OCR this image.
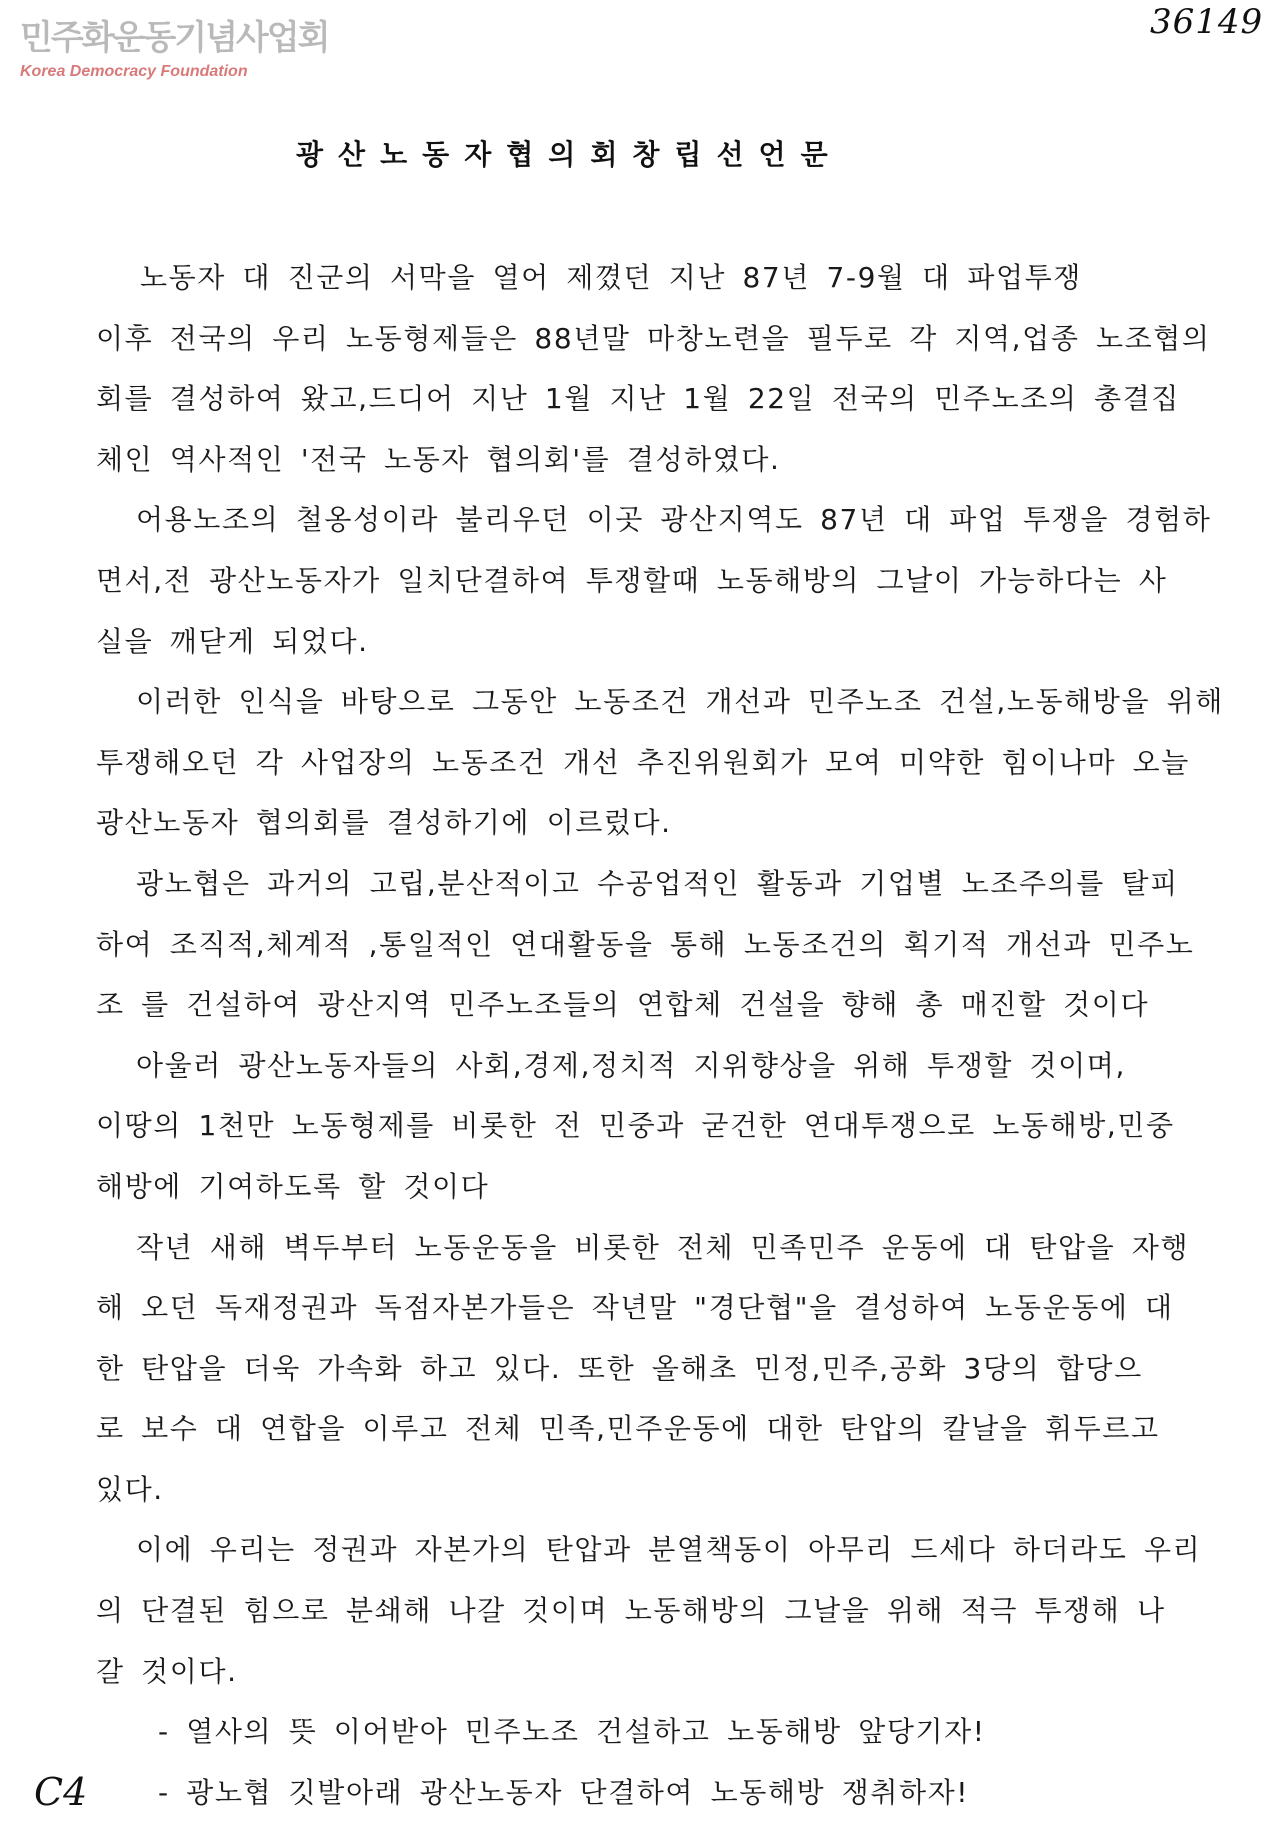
민주화운동기념사업회
Korea Democracy Foundation
36149
광산노동자협의회창립선언문
노동자 대 진군의 서막을 열어 제꼈던 지난 87년 7-9월 대 파업투쟁
이후 전국의 우리 노동형제들은 88년말 마창노련을 필두로 각 지역,업종 노조협의
회를 결성하여 왔고,드디어 지난 1월 지난 1월 22일 전국의 민주노조의 총결집
체인 역사적인 '전국 노동자 협의회'를 결성하였다.
어용노조의 철옹성이라 불리우던 이곳 광산지역도 87년 대 파업 투쟁을 경험하
면서,전 광산노동자가 일치단결하여 투쟁할때 노동해방의 그날이 가능하다는 사
실을 깨닫게 되었다.
이러한 인식을 바탕으로 그동안 노동조건 개선과 민주노조 건설,노동해방을 위해
투쟁해오던 각 사업장의 노동조건 개선 추진위원회가 모여 미약한 힘이나마 오늘
광산노동자 협의회를 결성하기에 이르렀다.
광노협은 과거의 고립,분산적이고 수공업적인 활동과 기업별 노조주의를 탈피
하여 조직적,체계적 ,통일적인 연대활동을 통해 노동조건의 획기적 개선과 민주노
조 를 건설하여 광산지역 민주노조들의 연합체 건설을 향해 총 매진할 것이다
아울러 광산노동자들의 사회,경제,정치적 지위향상을 위해 투쟁할 것이며,
이땅의 1천만 노동형제를 비롯한 전 민중과 굳건한 연대투쟁으로 노동해방,민중
해방에 기여하도록 할 것이다
작년 새해 벽두부터 노동운동을 비롯한 전체 민족민주 운동에 대 탄압을 자행
해 오던 독재정권과 독점자본가들은 작년말 "경단협"을 결성하여 노동운동에 대
한 탄압을 더욱 가속화 하고 있다. 또한 올해초 민정,민주,공화 3당의 합당으
로 보수 대 연합을 이루고 전체 민족,민주운동에 대한 탄압의 칼날을 휘두르고
있다.
이에 우리는 정권과 자본가의 탄압과 분열책동이 아무리 드세다 하더라도 우리
의 단결된 힘으로 분쇄해 나갈 것이며 노동해방의 그날을 위해 적극 투쟁해 나
갈 것이다.
- 열사의 뜻 이어받아 민주노조 건설하고 노동해방 앞당기자!
- 광노협 깃발아래 광산노동자 단결하여 노동해방 쟁취하자!
C4
